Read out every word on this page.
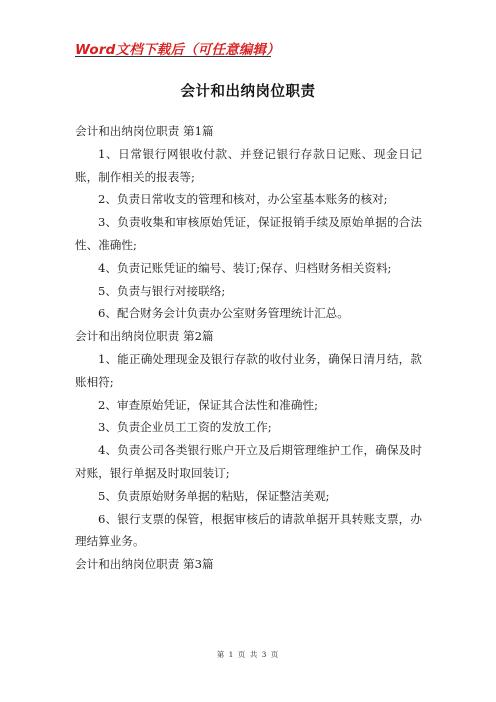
Word文档下载后（可任意编辑）
会计和出纳岗位职责

会计和出纳岗位职责 第1篇

1、日常银行网银收付款、并登记银行存款日记账、现金日记账，制作相关的报表等;

2、负责日常收支的管理和核对，办公室基本账务的核对;

3、负责收集和审核原始凭证，保证报销手续及原始单据的合法性、准确性;

4、负责记账凭证的编号、装订;保存、归档财务相关资料;

5、负责与银行对接联络;

6、配合财务会计负责办公室财务管理统计汇总。

会计和出纳岗位职责 第2篇

1、能正确处理现金及银行存款的收付业务，确保日清月结，款账相符;

2、审查原始凭证，保证其合法性和准确性;

3、负责企业员工工资的发放工作;

4、负责公司各类银行账户开立及后期管理维护工作，确保及时对账，银行单据及时取回装订;

5、负责原始财务单据的粘贴，保证整洁美观;

6、银行支票的保管，根据审核后的请款单据开具转账支票，办理结算业务。

会计和出纳岗位职责 第3篇

第 1 页 共 3 页
